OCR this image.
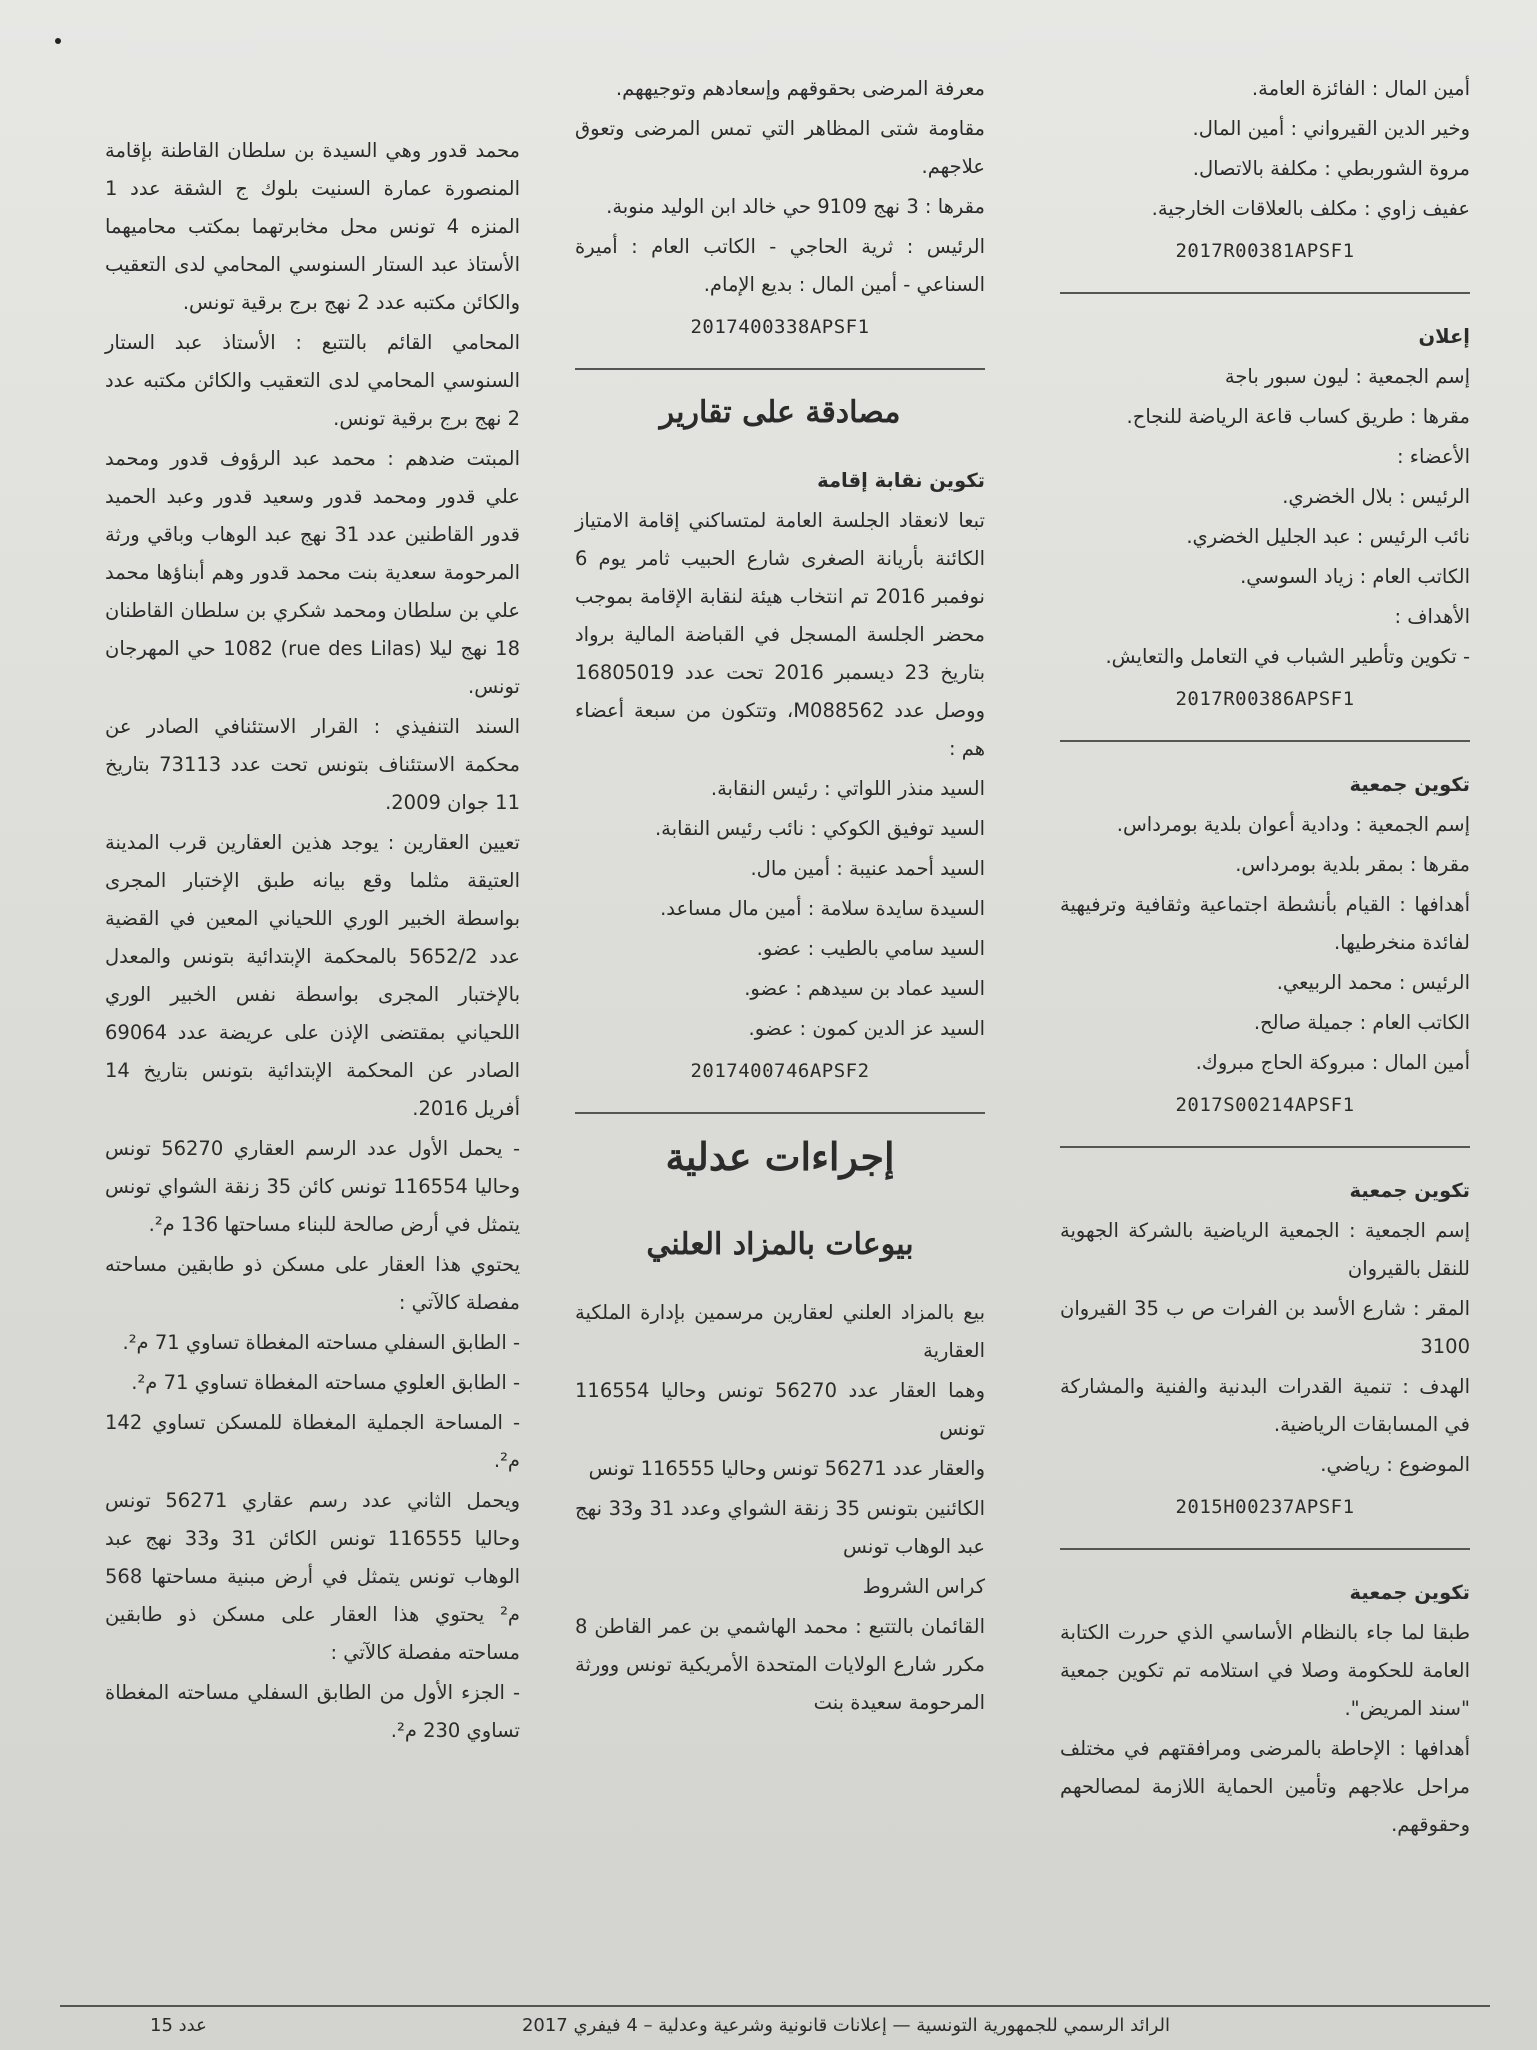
أمين المال : الفائزة العامة.

وخير الدين القيرواني : أمين المال.

مروة الشوربطي : مكلفة بالاتصال.

عفيف زاوي : مكلف بالعلاقات الخارجية.

2017R00381APSF1
إعلان

إسم الجمعية : ليون سبور باجة

مقرها : طريق كساب قاعة الرياضة للنجاح.

الأعضاء :

الرئيس : بلال الخضري.

نائب الرئيس : عبد الجليل الخضري.

الكاتب العام : زياد السوسي.

الأهداف :

- تكوين وتأطير الشباب في التعامل والتعايش.

2017R00386APSF1
تكوين جمعية

إسم الجمعية : ودادية أعوان بلدية بومرداس.

مقرها : بمقر بلدية بومرداس.

أهدافها : القيام بأنشطة اجتماعية وثقافية وترفيهية لفائدة منخرطيها.

الرئيس : محمد الربيعي.

الكاتب العام : جميلة صالح.

أمين المال : مبروكة الحاج مبروك.

2017S00214APSF1
تكوين جمعية

إسم الجمعية : الجمعية الرياضية بالشركة الجهوية للنقل بالقيروان

المقر : شارع الأسد بن الفرات ص ب 35 القيروان 3100

الهدف : تنمية القدرات البدنية والفنية والمشاركة في المسابقات الرياضية.

الموضوع : رياضي.

2015H00237APSF1
تكوين جمعية

طبقا لما جاء بالنظام الأساسي الذي حررت الكتابة العامة للحكومة وصلا في استلامه تم تكوين جمعية "سند المريض".

أهدافها : الإحاطة بالمرضى ومرافقتهم في مختلف مراحل علاجهم وتأمين الحماية اللازمة لمصالحهم وحقوقهم.

معرفة المرضى بحقوقهم وإسعادهم وتوجيههم.

مقاومة شتى المظاهر التي تمس المرضى وتعوق علاجهم.

مقرها : 3 نهج 9109 حي خالد ابن الوليد منوبة.

الرئيس : ثرية الحاجي - الكاتب العام : أميرة السناعي - أمين المال : بديع الإمام.

2017400338APSF1
مصادقة على تقارير
تكوين نقابة إقامة

تبعا لانعقاد الجلسة العامة لمتساكني إقامة الامتياز الكائنة بأريانة الصغرى شارع الحبيب ثامر يوم 6 نوفمبر 2016 تم انتخاب هيئة لنقابة الإقامة بموجب محضر الجلسة المسجل في القباضة المالية برواد بتاريخ 23 ديسمبر 2016 تحت عدد 16805019 ووصل عدد M088562، وتتكون من سبعة أعضاء هم :

السيد منذر اللواتي : رئيس النقابة.

السيد توفيق الكوكي : نائب رئيس النقابة.

السيد أحمد عنيبة : أمين مال.

السيدة سايدة سلامة : أمين مال مساعد.

السيد سامي بالطيب : عضو.

السيد عماد بن سيدهم : عضو.

السيد عز الدين كمون : عضو.

2017400746APSF2
إجراءات عدلية
بيوعات بالمزاد العلني

بيع بالمزاد العلني لعقارين مرسمين بإدارة الملكية العقارية

وهما العقار عدد 56270 تونس وحاليا 116554 تونس

والعقار عدد 56271 تونس وحاليا 116555 تونس

الكائنين بتونس 35 زنقة الشواي وعدد 31 و33 نهج عبد الوهاب تونس

كراس الشروط

القائمان بالتتبع : محمد الهاشمي بن عمر القاطن 8 مكرر شارع الولايات المتحدة الأمريكية تونس وورثة المرحومة سعيدة بنت

محمد قدور وهي السيدة بن سلطان القاطنة بإقامة المنصورة عمارة السنيت بلوك ج الشقة عدد 1 المنزه 4 تونس محل مخابرتهما بمكتب محاميهما الأستاذ عبد الستار السنوسي المحامي لدى التعقيب والكائن مكتبه عدد 2 نهج برج برقية تونس.

المحامي القائم بالتتبع : الأستاذ عبد الستار السنوسي المحامي لدى التعقيب والكائن مكتبه عدد 2 نهج برج برقية تونس.

المبتت ضدهم : محمد عبد الرؤوف قدور ومحمد علي قدور ومحمد قدور وسعيد قدور وعبد الحميد قدور القاطنين عدد 31 نهج عبد الوهاب وباقي ورثة المرحومة سعدية بنت محمد قدور وهم أبناؤها محمد علي بن سلطان ومحمد شكري بن سلطان القاطنان 18 نهج ليلا (rue des Lilas) 1082 حي المهرجان تونس.

السند التنفيذي : القرار الاستئنافي الصادر عن محكمة الاستئناف بتونس تحت عدد 73113 بتاريخ 11 جوان 2009.

تعيين العقارين : يوجد هذين العقارين قرب المدينة العتيقة مثلما وقع بيانه طبق الإختبار المجرى بواسطة الخبير الوري اللحياني المعين في القضية عدد 5652/2 بالمحكمة الإبتدائية بتونس والمعدل بالإختبار المجرى بواسطة نفس الخبير الوري اللحياني بمقتضى الإذن على عريضة عدد 69064 الصادر عن المحكمة الإبتدائية بتونس بتاريخ 14 أفريل 2016.

- يحمل الأول عدد الرسم العقاري 56270 تونس وحاليا 116554 تونس كائن 35 زنقة الشواي تونس يتمثل في أرض صالحة للبناء مساحتها 136 م².

يحتوي هذا العقار على مسكن ذو طابقين مساحته مفصلة كالآتي :

- الطابق السفلي مساحته المغطاة تساوي 71 م².

- الطابق العلوي مساحته المغطاة تساوي 71 م².

- المساحة الجملية المغطاة للمسكن تساوي 142 م².

ويحمل الثاني عدد رسم عقاري 56271 تونس وحاليا 116555 تونس الكائن 31 و33 نهج عبد الوهاب تونس يتمثل في أرض مبنية مساحتها 568 م² يحتوي هذا العقار على مسكن ذو طابقين مساحته مفصلة كالآتي :

- الجزء الأول من الطابق السفلي مساحته المغطاة تساوي 230 م².

الرائد الرسمي للجمهورية التونسية — إعلانات قانونية وشرعية وعدلية – 4 فيفري 2017
عدد 15
